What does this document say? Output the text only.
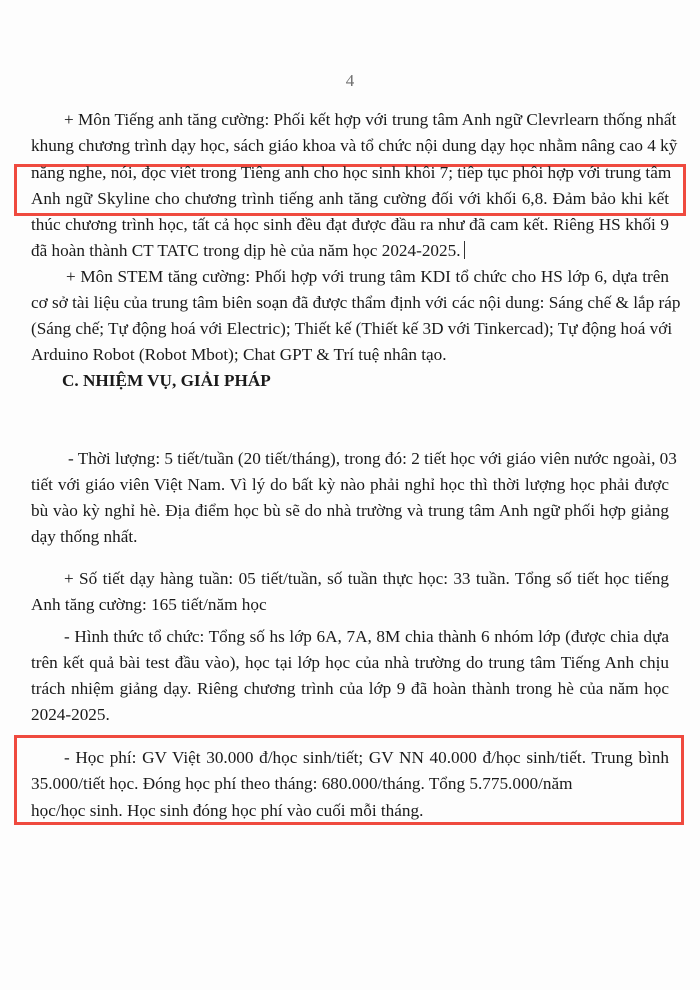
4
+ Môn Tiếng anh tăng cường: Phối kết hợp với trung tâm Anh ngữ Clevrlearn thống nhất
khung chương trình dạy học, sách giáo khoa và tổ chức nội dung dạy học nhằm nâng cao 4 kỹ
năng nghe, nói, đọc viêt trong Tiêng anh cho học sinh khôi 7; tiêp tục phôi hợp với trung tâm
Anh ngữ Skyline cho chương trình tiếng anh tăng cường đối với khối 6,8. Đảm bảo khi kết
thúc chương trình học, tất cả học sinh đều đạt được đầu ra như đã cam kết. Riêng HS khối 9
đã hoàn thành CT TATC trong dịp hè của năm học 2024-2025.
+ Môn STEM tăng cường: Phối hợp với trung tâm KDI tổ chức cho HS lớp 6, dựa trên
cơ sở tài liệu của trung tâm biên soạn đã được thẩm định với các nội dung: Sáng chế & lắp ráp
(Sáng chế; Tự động hoá với Electric); Thiết kế (Thiết kế 3D với Tinkercad); Tự động hoá với
Arduino Robot (Robot Mbot); Chat GPT & Trí tuệ nhân tạo.
C. NHIỆM VỤ, GIẢI PHÁP
- Thời lượng: 5 tiết/tuần (20 tiết/tháng), trong đó: 2 tiết học với giáo viên nước ngoài, 03
tiết với giáo viên Việt Nam. Vì lý do bất kỳ nào phải nghỉ học thì thời lượng học phải được
bù vào kỳ nghỉ hè. Địa điểm học bù sẽ do nhà trường và trung tâm Anh ngữ phối hợp giảng
dạy thống nhất.
+ Số tiết dạy hàng tuần: 05 tiết/tuần, số tuần thực học: 33 tuần. Tổng số tiết học tiếng
Anh tăng cường: 165 tiết/năm học
- Hình thức tổ chức: Tổng số hs lớp 6A, 7A, 8M chia thành 6 nhóm lớp (được chia dựa
trên kết quả bài test đầu vào), học tại lớp học của nhà trường do trung tâm Tiếng Anh chịu
trách nhiệm giảng dạy. Riêng chương trình của lớp 9 đã hoàn thành trong hè của năm học
2024-2025.
- Học phí: GV Việt 30.000 đ/học sinh/tiết; GV NN 40.000 đ/học sinh/tiết. Trung bình
35.000/tiết học. Đóng học phí theo tháng: 680.000/tháng. Tổng 5.775.000/năm
học/học sinh. Học sinh đóng học phí vào cuối mỗi tháng.
